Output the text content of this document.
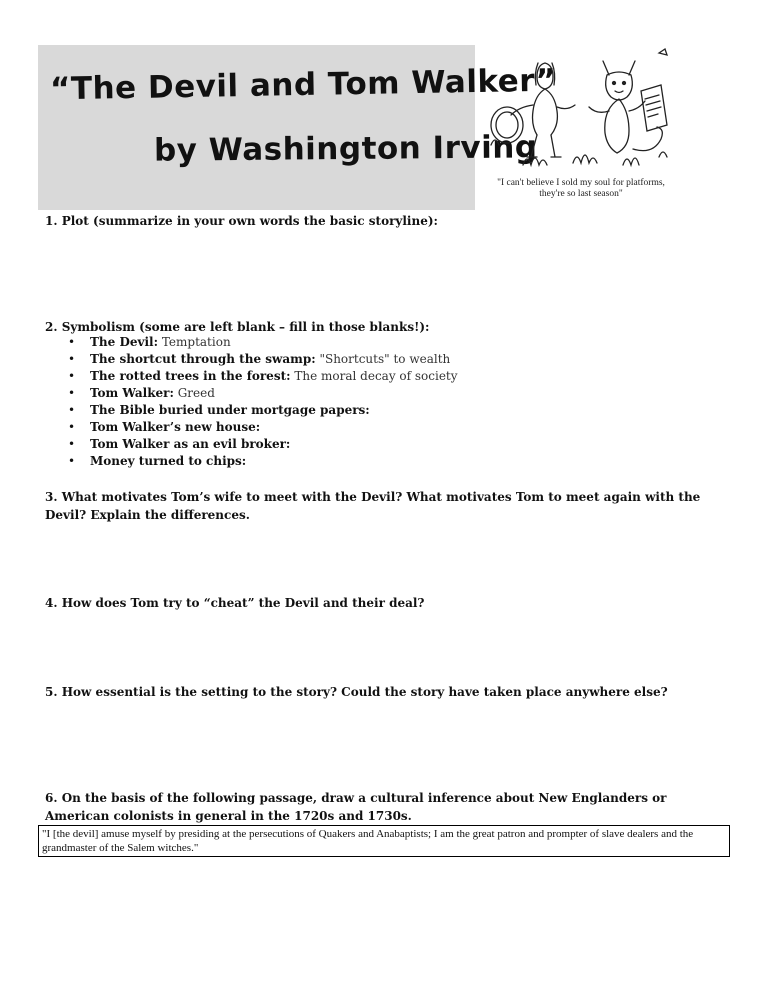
“The Devil and Tom Walker”
by Washington Irving
"I can't believe I sold my soul for platforms, they're so last season"
1. Plot (summarize in your own words the basic storyline):
2. Symbolism (some are left blank – fill in those blanks!):
• The Devil: Temptation
• The shortcut through the swamp: "Shortcuts" to wealth
• The rotted trees in the forest: The moral decay of society
• Tom Walker: Greed
• The Bible buried under mortgage papers:
• Tom Walker’s new house:
• Tom Walker as an evil broker:
• Money turned to chips:
3. What motivates Tom’s wife to meet with the Devil? What motivates Tom to meet again with the Devil? Explain the differences.
4. How does Tom try to “cheat” the Devil and their deal?
5. How essential is the setting to the story? Could the story have taken place anywhere else?
6. On the basis of the following passage, draw a cultural inference about New Englanders or American colonists in general in the 1720s and 1730s.
"I [the devil] amuse myself by presiding at the persecutions of Quakers and Anabaptists; I am the great patron and prompter of slave dealers and the grandmaster of the Salem witches."
